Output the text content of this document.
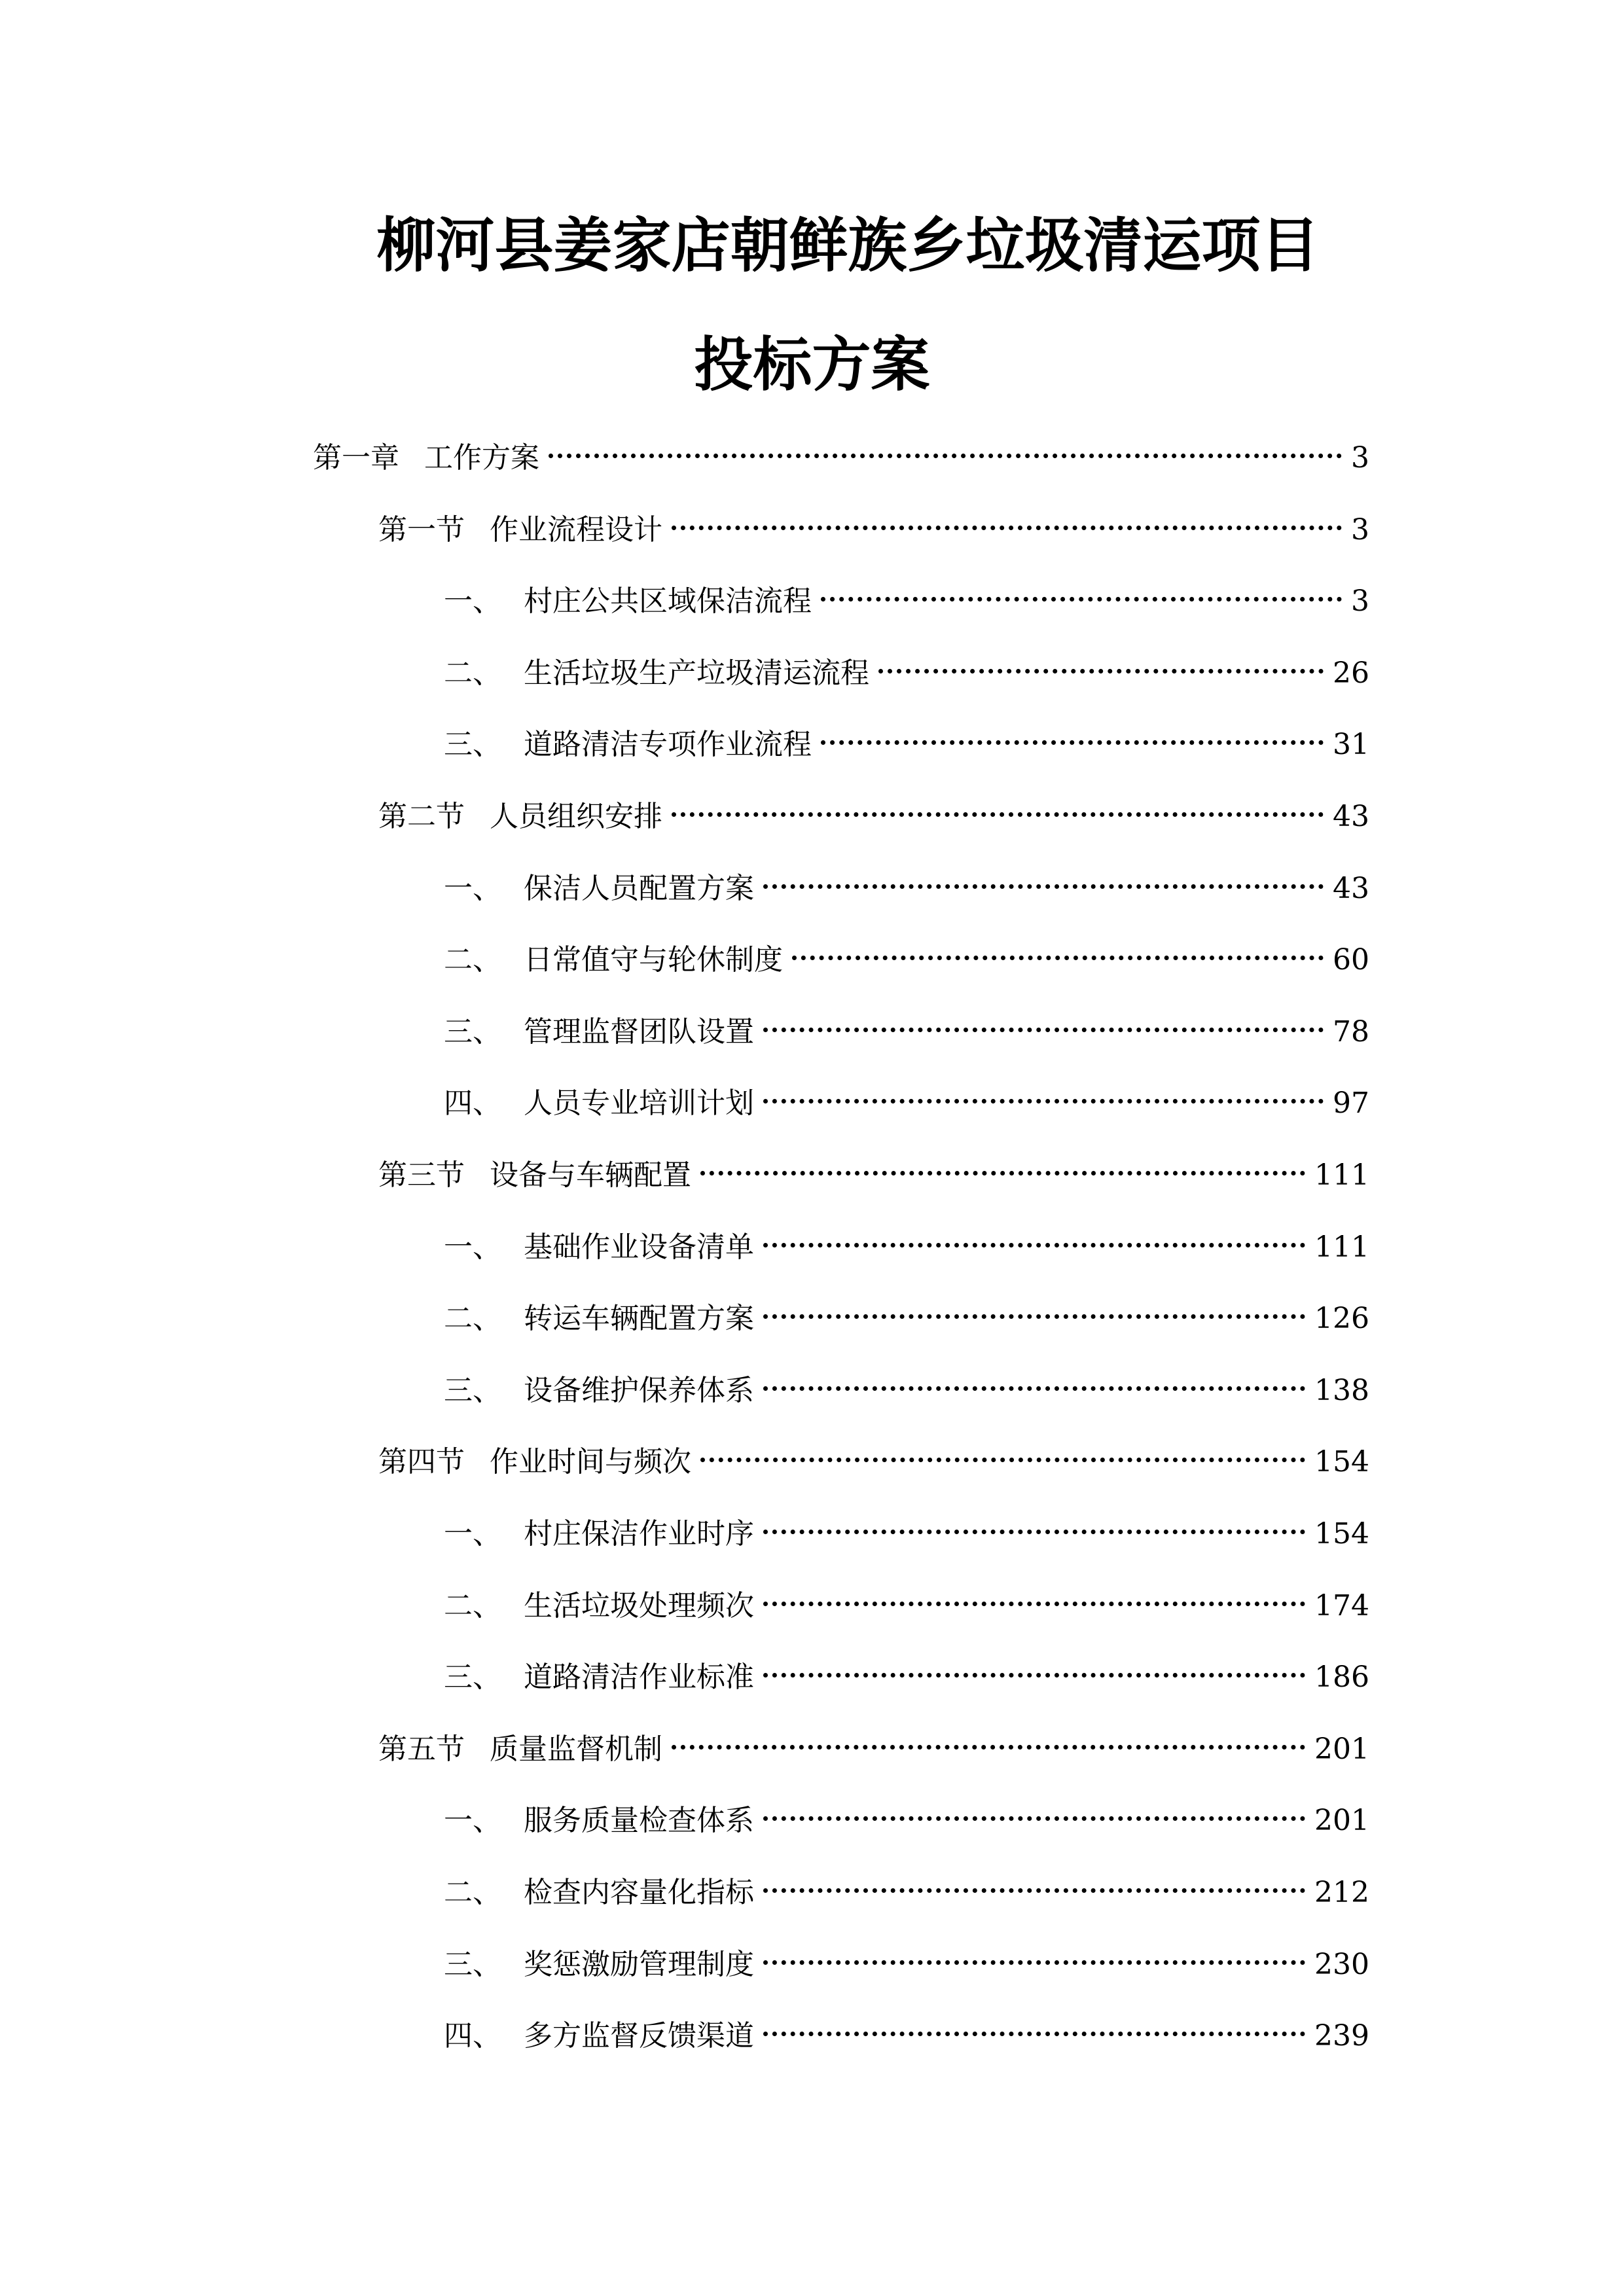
柳河县姜家店朝鲜族乡垃圾清运项目
投标方案
第一章 工作方案	3
第一节 作业流程设计	3
一、 村庄公共区域保洁流程	3
二、 生活垃圾生产垃圾清运流程	26
三、 道路清洁专项作业流程	31
第二节 人员组织安排	43
一、 保洁人员配置方案	43
二、 日常值守与轮休制度	60
三、 管理监督团队设置	78
四、 人员专业培训计划	97
第三节 设备与车辆配置	111
一、 基础作业设备清单	111
二、 转运车辆配置方案	126
三、 设备维护保养体系	138
第四节 作业时间与频次	154
一、 村庄保洁作业时序	154
二、 生活垃圾处理频次	174
三、 道路清洁作业标准	186
第五节 质量监督机制	201
一、 服务质量检查体系	201
二、 检查内容量化指标	212
三、 奖惩激励管理制度	230
四、 多方监督反馈渠道	239
